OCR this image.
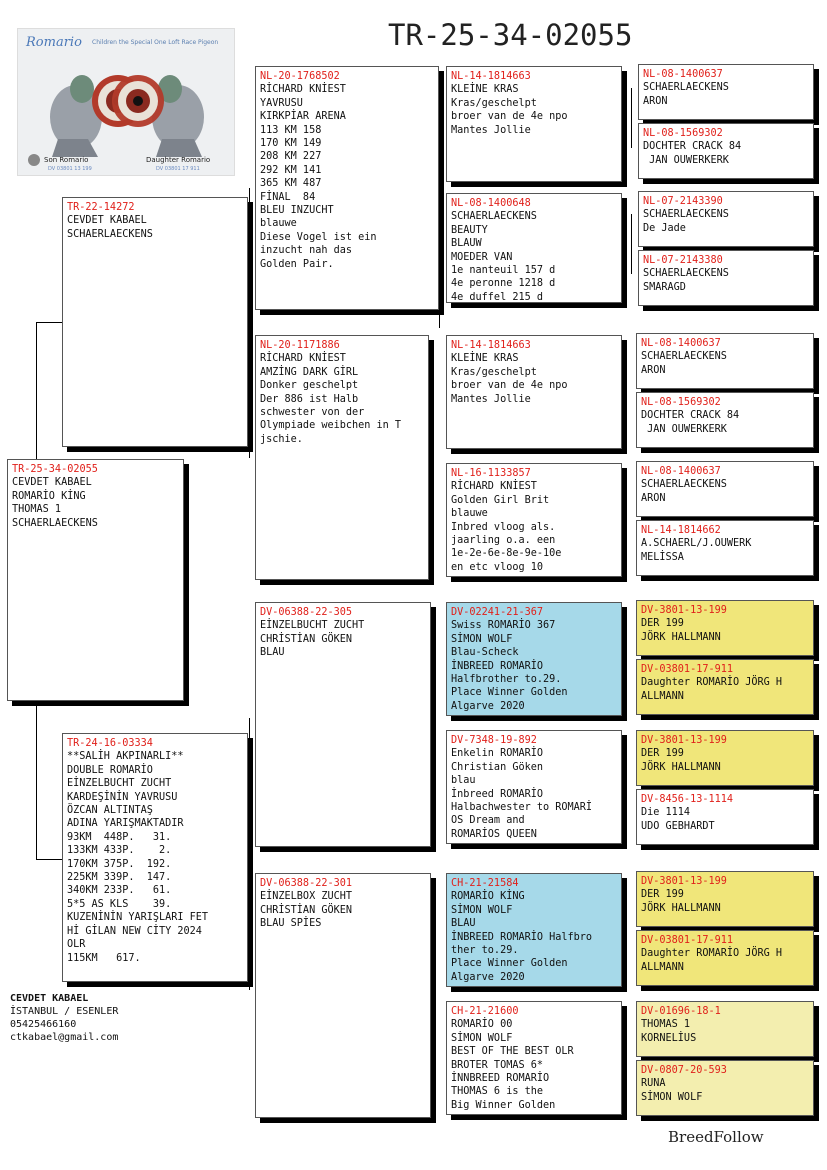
TR-25-34-02055
Romario Children the Special One Loft Race Pigeon
Son Romario
DV 03801 13 199
Daughter Romario
DV 03801 17 911
TR-25-34-02055
CEVDET KABAEL
ROMARİO KİNG
THOMAS 1
SCHAERLAECKENS
TR-22-14272
CEVDET KABAEL
SCHAERLAECKENS
TR-24-16-03334
**SALİH AKPINARLI**
DOUBLE ROMARİO
EİNZELBUCHT ZUCHT
KARDEŞİNİN YAVRUSU
ÖZCAN ALTINTAŞ
ADINA YARIŞMAKTADIR
93KM  448P.   31.
133KM 433P.    2.
170KM 375P.  192.
225KM 339P.  147.
340KM 233P.   61.
5*5 AS KLS    39.
KUZENİNİN YARIŞLARI FET
Hİ GİLAN NEW CİTY 2024
OLR
115KM   617.
NL-20-1768502
RİCHARD KNİEST
YAVRUSU
KIRKPİAR ARENA
113 KM 158
170 KM 149
208 KM 227
292 KM 141
365 KM 487
FİNAL  84
BLEU INZUCHT
blauwe
Diese Vogel ist ein
inzucht nah das
Golden Pair.
NL-20-1171886
RİCHARD KNİEST
AMZİNG DARK GİRL
Donker geschelpt
Der 886 ist Halb
schwester von der
Olympiade weibchen in T
jschie.
DV-06388-22-305
EİNZELBUCHT ZUCHT
CHRİSTİAN GÖKEN
BLAU
DV-06388-22-301
EİNZELBOX ZUCHT
CHRİSTİAN GÖKEN
BLAU SPİES
NL-14-1814663
KLEİNE KRAS
Kras/geschelpt
broer van de 4e npo
Mantes Jollie
NL-08-1400648
SCHAERLAECKENS
BEAUTY
BLAUW
MOEDER VAN
1e nanteuil 157 d
4e peronne 1218 d
4e duffel 215 d
NL-14-1814663
KLEİNE KRAS
Kras/geschelpt
broer van de 4e npo
Mantes Jollie
NL-16-1133857
RİCHARD KNİEST
Golden Girl Brit
blauwe
Inbred vloog als.
jaarling o.a. een
1e-2e-6e-8e-9e-10e
en etc vloog 10
DV-02241-21-367
Swiss ROMARİO 367
SİMON WOLF
Blau-Scheck
İNBREED ROMARİO
Halfbrother to.29.
Place Winner Golden
Algarve 2020
DV-7348-19-892
Enkelin ROMARİO
Christian Göken
blau
İnbreed ROMARİO
Halbachwester to ROMARİ
OS Dream and
ROMARİOS QUEEN
CH-21-21584
ROMARİO KİNG
SİMON WOLF
BLAU
İNBREED ROMARİO Halfbro
ther to.29.
Place Winner Golden
Algarve 2020
CH-21-21600
ROMARİO 00
SİMON WOLF
BEST OF THE BEST OLR
BROTER TOMAS 6*
İNNBREED ROMARİO
THOMAS 6 is the
Big Winner Golden
NL-08-1400637
SCHAERLAECKENS
ARON
NL-08-1569302
DOCHTER CRACK 84
JAN OUWERKERK
NL-07-2143390
SCHAERLAECKENS
De Jade
NL-07-2143380
SCHAERLAECKENS
SMARAGD
NL-08-1400637
SCHAERLAECKENS
ARON
NL-08-1569302
DOCHTER CRACK 84
JAN OUWERKERK
NL-08-1400637
SCHAERLAECKENS
ARON
NL-14-1814662
A.SCHAERL/J.OUWERK
MELİSSA
DV-3801-13-199
DER 199
JÖRK HALLMANN
DV-03801-17-911
Daughter ROMARİO JÖRG H
ALLMANN
DV-3801-13-199
DER 199
JÖRK HALLMANN
DV-8456-13-1114
Die 1114
UDO GEBHARDT
DV-3801-13-199
DER 199
JÖRK HALLMANN
DV-03801-17-911
Daughter ROMARİO JÖRG H
ALLMANN
DV-01696-18-1
THOMAS 1
KORNELİUS
DV-0807-20-593
RUNA
SİMON WOLF
CEVDET KABAEL
İSTANBUL / ESENLER
05425466160
ctkabael@gmail.com
BreedFollow
